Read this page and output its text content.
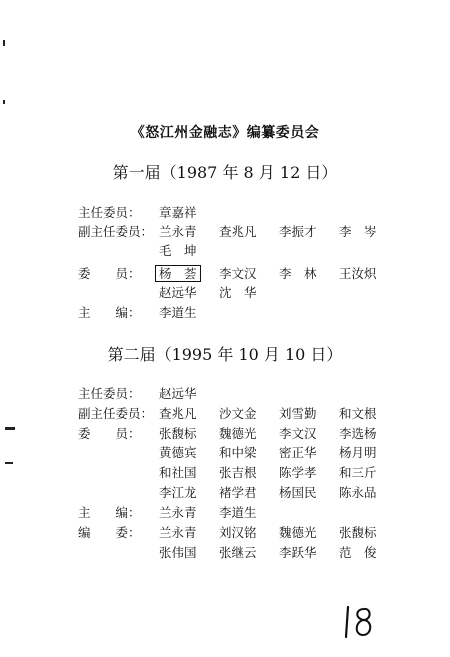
《怒江州金融志》编纂委员会
第一届（1987 年 8 月 12 日）
主任委员：	章嘉祥
副主任委员： 兰永青 查兆凡 李振才 李　岑
毛　坤
委　　员：	杨　荟 李文汉 李　林 王汝炽
赵远华 沈　华
主　　编：	李道生
第二届（1995 年 10 月 10 日）
主任委员：	赵远华
副主任委员： 查兆凡 沙文金 刘雪勤 和文根
委　　员：	张馥标 魏德光 李文汉 李选杨
黄德宾 和中梁 密正华 杨月明
和社国 张吉根 陈学孝 和三斤
李江龙 褚学君 杨国民 陈永品
主　　编：	兰永青 李道生
编　　委：	兰永青 刘汉铭 魏德光 张馥标
张伟国 张继云 李跃华 范　俊
